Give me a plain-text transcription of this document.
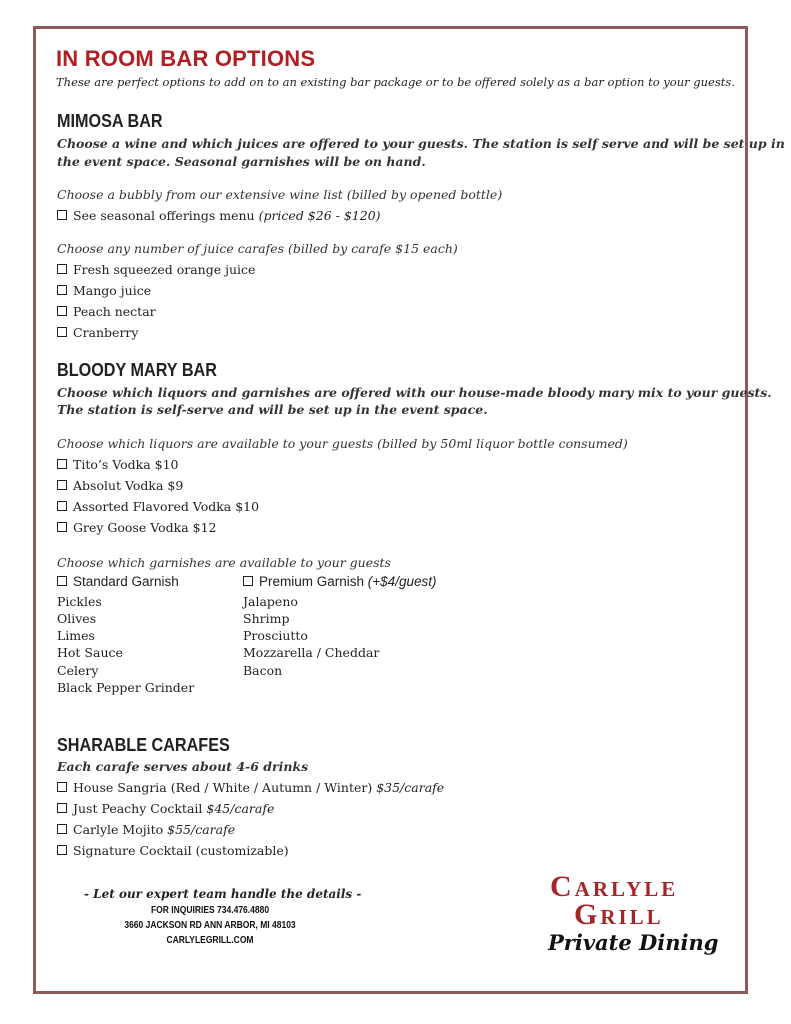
IN ROOM BAR OPTIONS
These are perfect options to add on to an existing bar package or to be offered solely as a bar option to your guests.
MIMOSA BAR
Choose a wine and which juices are offered to your guests. The station is self serve and will be set up in
the event space. Seasonal garnishes will be on hand.
Choose a bubbly from our extensive wine list (billed by opened bottle)
See seasonal offerings menu (priced $26 - $120)
Choose any number of juice carafes (billed by carafe $15 each)
Fresh squeezed orange juice
Mango juice
Peach nectar
Cranberry
BLOODY MARY BAR
Choose which liquors and garnishes are offered with our house-made bloody mary mix to your guests.
The station is self-serve and will be set up in the event space.
Choose which liquors are available to your guests (billed by 50ml liquor bottle consumed)
Tito’s Vodka $10
Absolut Vodka $9
Assorted Flavored Vodka $10
Grey Goose Vodka $12
Choose which garnishes are available to your guests
Standard Garnish	Premium Garnish (+$4/guest)
Pickles
Olives
Limes
Hot Sauce
Celery
Black Pepper Grinder
Jalapeno
Shrimp
Prosciutto
Mozzarella / Cheddar
Bacon
SHARABLE CARAFES
Each carafe serves about 4-6 drinks
House Sangria (Red / White / Autumn / Winter) $35/carafe
Just Peachy Cocktail $45/carafe
Carlyle Mojito $55/carafe
Signature Cocktail (customizable)
- Let our expert team handle the details -
FOR INQUIRIES 734.476.4880
3660 JACKSON RD ANN ARBOR, MI 48103
CARLYLEGRILL.COM
Carlyle
Grill
Private Dining
